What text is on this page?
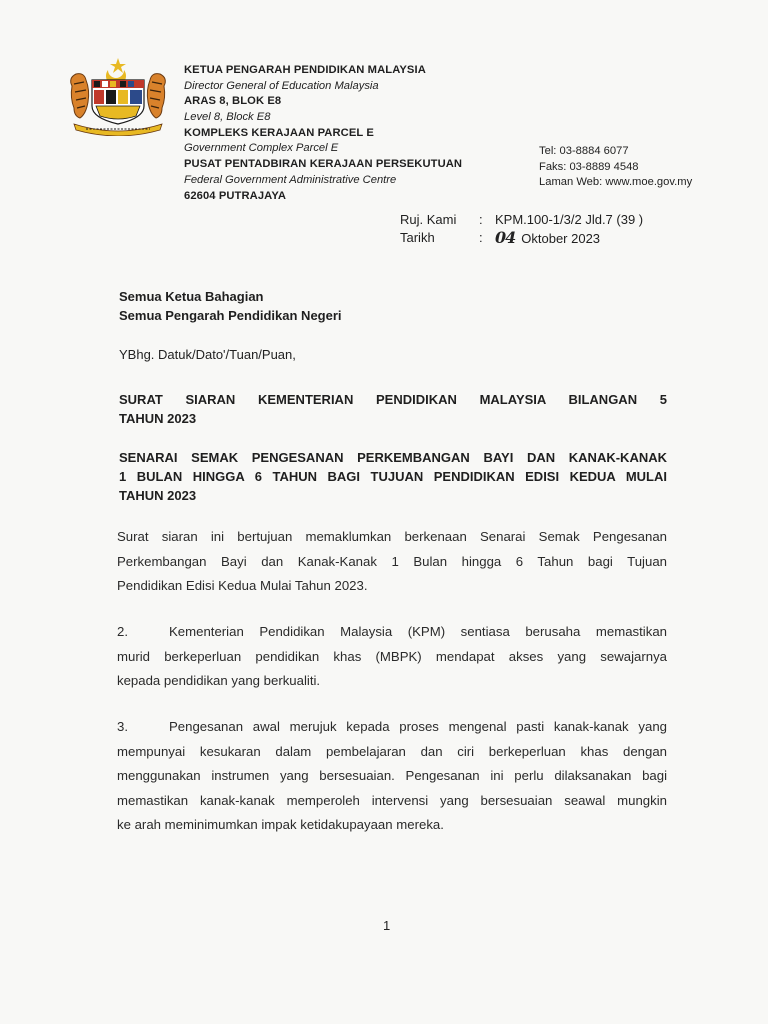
KETUA PENGARAH PENDIDIKAN MALAYSIA
Director General of Education Malaysia
ARAS 8, BLOK E8
Level 8, Block E8
KOMPLEKS KERAJAAN PARCEL E
Government Complex Parcel E
PUSAT PENTADBIRAN KERAJAAN PERSEKUTUAN
Federal Government Administrative Centre
62604 PUTRAJAYA
Tel: 03-8884 6077
Faks: 03-8889 4548
Laman Web: www.moe.gov.my
Ruj. Kami : KPM.100-1/3/2 Jld.7 (39 )
Tarikh	: 04 Oktober 2023
Semua Ketua Bahagian
Semua Pengarah Pendidikan Negeri
YBhg. Datuk/Dato'/Tuan/Puan,
SURAT SIARAN KEMENTERIAN PENDIDIKAN MALAYSIA BILANGAN 5
TAHUN 2023
SENARAI SEMAK PENGESANAN PERKEMBANGAN BAYI DAN KANAK-KANAK
1 BULAN HINGGA 6 TAHUN BAGI TUJUAN PENDIDIKAN EDISI KEDUA MULAI
TAHUN 2023
Surat siaran ini bertujuan memaklumkan berkenaan Senarai Semak Pengesanan
Perkembangan Bayi dan Kanak-Kanak 1 Bulan hingga 6 Tahun bagi Tujuan
Pendidikan Edisi Kedua Mulai Tahun 2023.
2.	Kementerian Pendidikan Malaysia (KPM) sentiasa berusaha memastikan
murid berkeperluan pendidikan khas (MBPK) mendapat akses yang sewajarnya
kepada pendidikan yang berkualiti.
3.	Pengesanan awal merujuk kepada proses mengenal pasti kanak-kanak yang
mempunyai kesukaran dalam pembelajaran dan ciri berkeperluan khas dengan
menggunakan instrumen yang bersesuaian. Pengesanan ini perlu dilaksanakan bagi
memastikan kanak-kanak memperoleh intervensi yang bersesuaian seawal mungkin
ke arah meminimumkan impak ketidakupayaan mereka.
1
